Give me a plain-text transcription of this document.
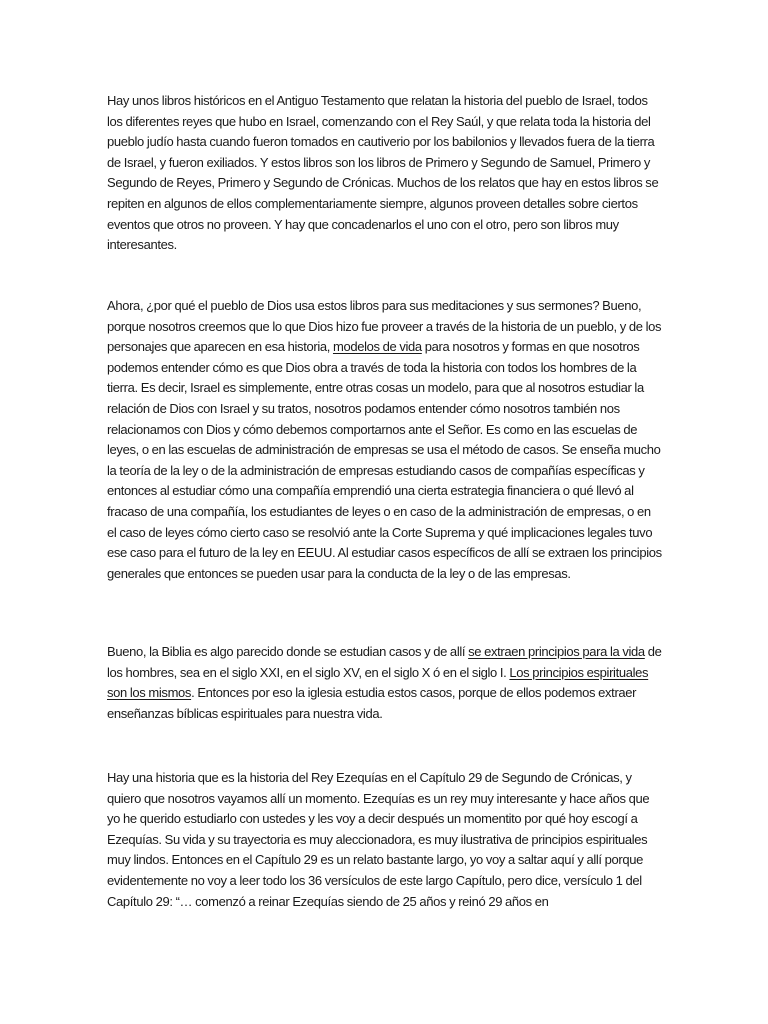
Hay unos libros históricos en el Antiguo Testamento que relatan la historia del pueblo de Israel, todos los diferentes reyes que hubo en Israel, comenzando con el Rey Saúl, y que relata toda la historia del pueblo judío hasta cuando fueron tomados en cautiverio por los babilonios y llevados fuera de la tierra de Israel, y fueron exiliados. Y estos libros son los libros de Primero y Segundo de Samuel, Primero y Segundo de Reyes, Primero y Segundo de Crónicas. Muchos de los relatos que hay en estos libros se repiten en algunos de ellos complementariamente siempre, algunos proveen detalles sobre ciertos eventos que otros no proveen. Y hay que concadenarlos el uno con el otro, pero son libros muy interesantes.

Ahora, ¿por qué el pueblo de Dios usa estos libros para sus meditaciones y sus sermones? Bueno, porque nosotros creemos que lo que Dios hizo fue proveer a través de la historia de un pueblo, y de los personajes que aparecen en esa historia, modelos de vida para nosotros y formas en que nosotros podemos entender cómo es que Dios obra a través de toda la historia con todos los hombres de la tierra. Es decir, Israel es simplemente, entre otras cosas un modelo, para que al nosotros estudiar la relación de Dios con Israel y su tratos, nosotros podamos entender cómo nosotros también nos relacionamos con Dios y cómo debemos comportarnos ante el Señor. Es como en las escuelas de leyes, o en las escuelas de administración de empresas se usa el método de casos. Se enseña mucho la teoría de la ley o de la administración de empresas estudiando casos de compañías específicas y entonces al estudiar cómo una compañía emprendió una cierta estrategia financiera o qué llevó al fracaso de una compañía, los estudiantes de leyes o en caso de la administración de empresas, o en el caso de leyes cómo cierto caso se resolvió ante la Corte Suprema y qué implicaciones legales tuvo ese caso para el futuro de la ley en EEUU. Al estudiar casos específicos de allí se extraen los principios generales que entonces se pueden usar para la conducta de la ley o de las empresas.

Bueno, la Biblia es algo parecido donde se estudian casos y de allí se extraen principios para la vida de los hombres, sea en el siglo XXI, en el siglo XV, en el siglo X ó en el siglo I. Los principios espirituales son los mismos. Entonces por eso la iglesia estudia estos casos, porque de ellos podemos extraer enseñanzas bíblicas espirituales para nuestra vida.

Hay una historia que es la historia del Rey Ezequías en el Capítulo 29 de Segundo de Crónicas, y quiero que nosotros vayamos allí un momento. Ezequías es un rey muy interesante y hace años que yo he querido estudiarlo con ustedes y les voy a decir después un momentito por qué hoy escogí a Ezequías. Su vida y su trayectoria es muy aleccionadora, es muy ilustrativa de principios espirituales muy lindos. Entonces en el Capítulo 29 es un relato bastante largo, yo voy a saltar aquí y allí porque evidentemente no voy a leer todo los 36 versículos de este largo Capítulo, pero dice, versículo 1 del Capítulo 29: “… comenzó a reinar Ezequías siendo de 25 años y reinó 29 años en
